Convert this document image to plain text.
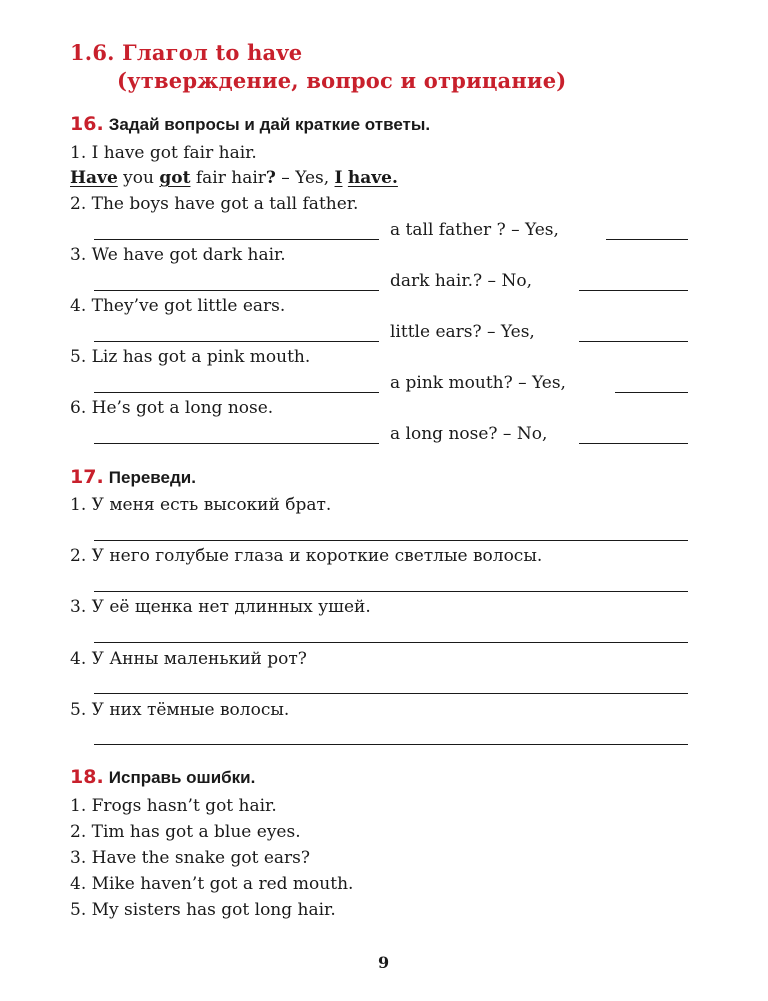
1.6. Глагол to have
(утверждение, вопрос и отрицание)
16. Задай вопросы и дай краткие ответы.
1. I have got fair hair.
Have you got fair hair? – Yes, I have.
2. The boys have got a tall father.
a tall father ? – Yes,
3. We have got dark hair.
dark hair.? – No,
4. They’ve got little ears.
little ears? – Yes,
5. Liz has got a pink mouth.
a pink mouth? – Yes,
6. He’s got a long nose.
a long nose? – No,
17. Переведи.
1. У меня есть высокий брат.
2. У него голубые глаза и короткие светлые волосы.
3. У её щенка нет длинных ушей.
4. У Анны маленький рот?
5. У них тёмные волосы.
18. Исправь ошибки.
1. Frogs hasn’t got hair.
2. Tim has got a blue eyes.
3. Have the snake got ears?
4. Mike haven’t got a red mouth.
5. My sisters has got long hair.
9
